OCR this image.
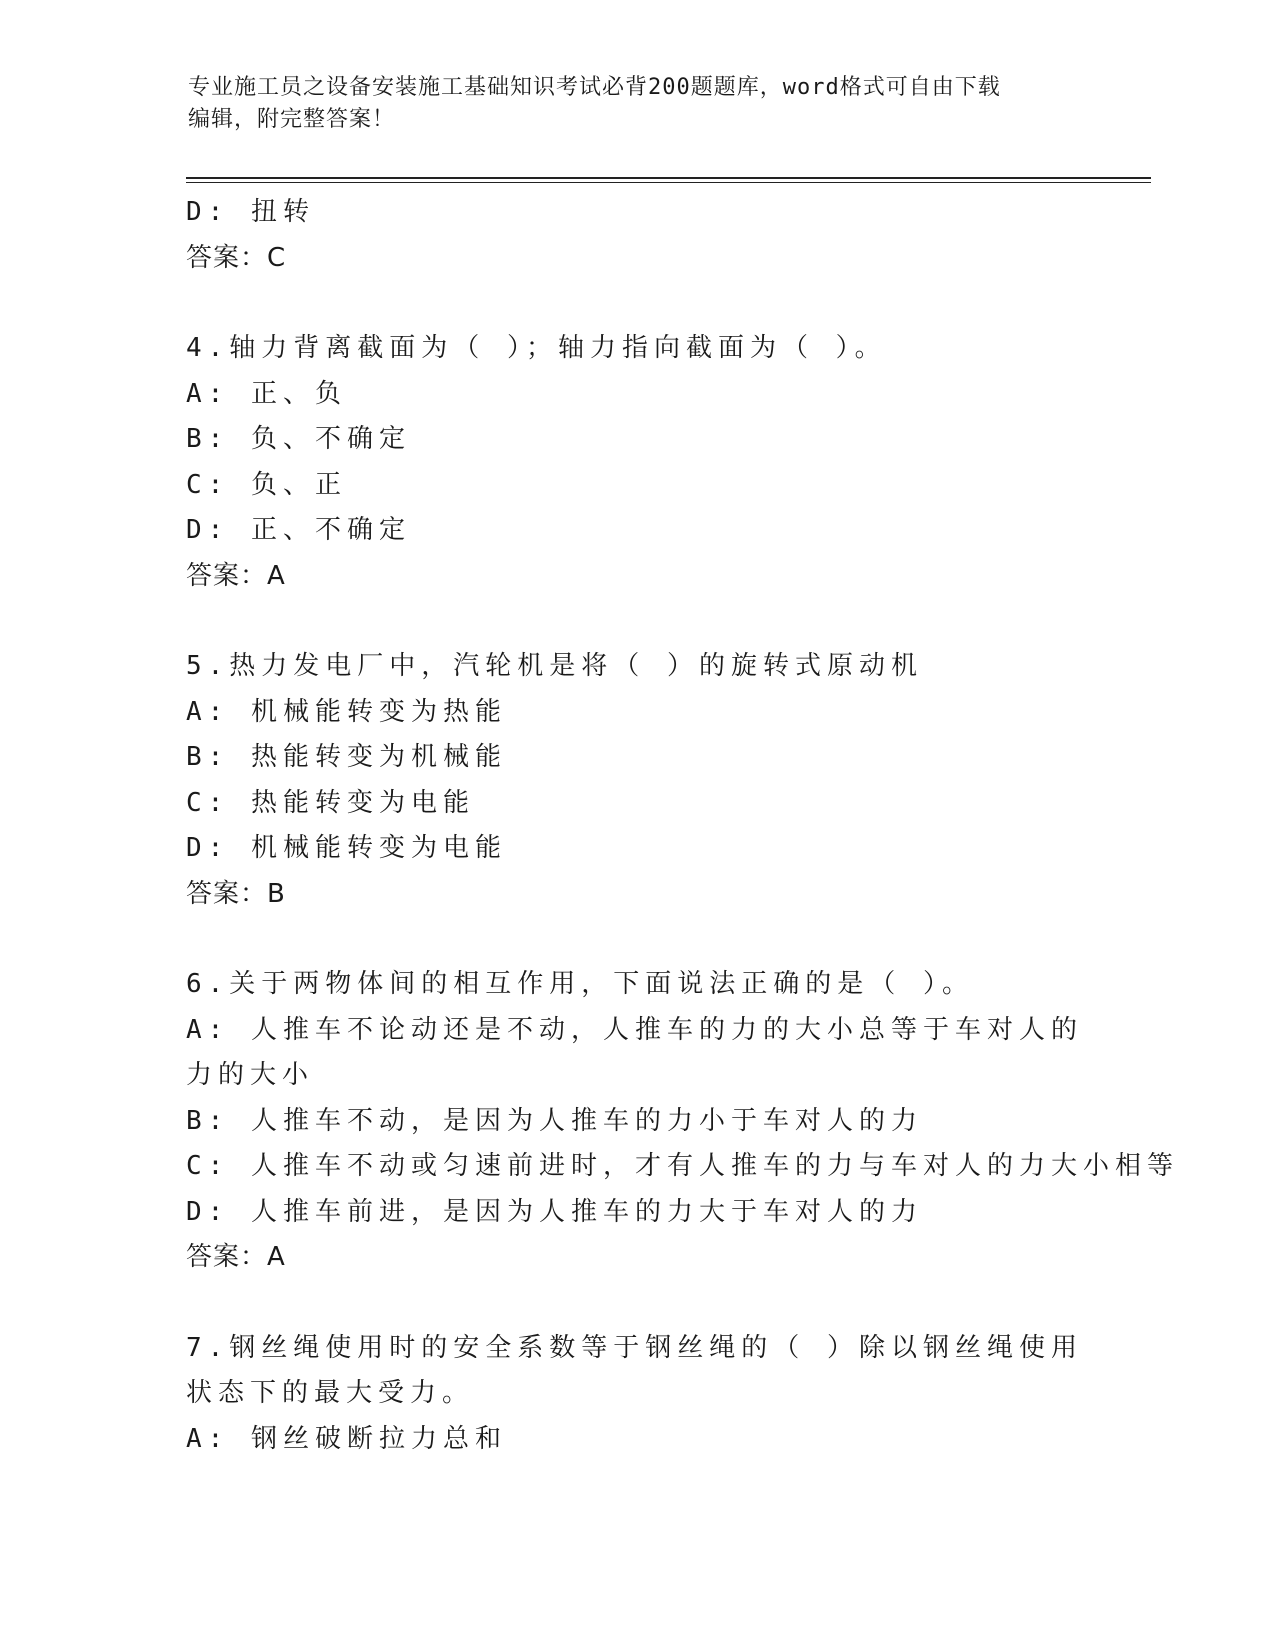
专业施工员之设备安装施工基础知识考试必背200题题库，word格式可自由下载
编辑，附完整答案！
D: 扭转
答案：C
4.轴力背离截面为（ ）；轴力指向截面为（ ）。
A: 正、负
B: 负、不确定
C: 负、正
D: 正、不确定
答案：A
5.热力发电厂中，汽轮机是将（ ）的旋转式原动机
A: 机械能转变为热能
B: 热能转变为机械能
C: 热能转变为电能
D: 机械能转变为电能
答案：B
6.关于两物体间的相互作用，下面说法正确的是（ ）。
A: 人推车不论动还是不动，人推车的力的大小总等于车对人的力的大小
B: 人推车不动，是因为人推车的力小于车对人的力
C: 人推车不动或匀速前进时，才有人推车的力与车对人的力大小相等
D: 人推车前进，是因为人推车的力大于车对人的力
答案：A
7.钢丝绳使用时的安全系数等于钢丝绳的（ ）除以钢丝绳使用状态下的最大受力。
A: 钢丝破断拉力总和
